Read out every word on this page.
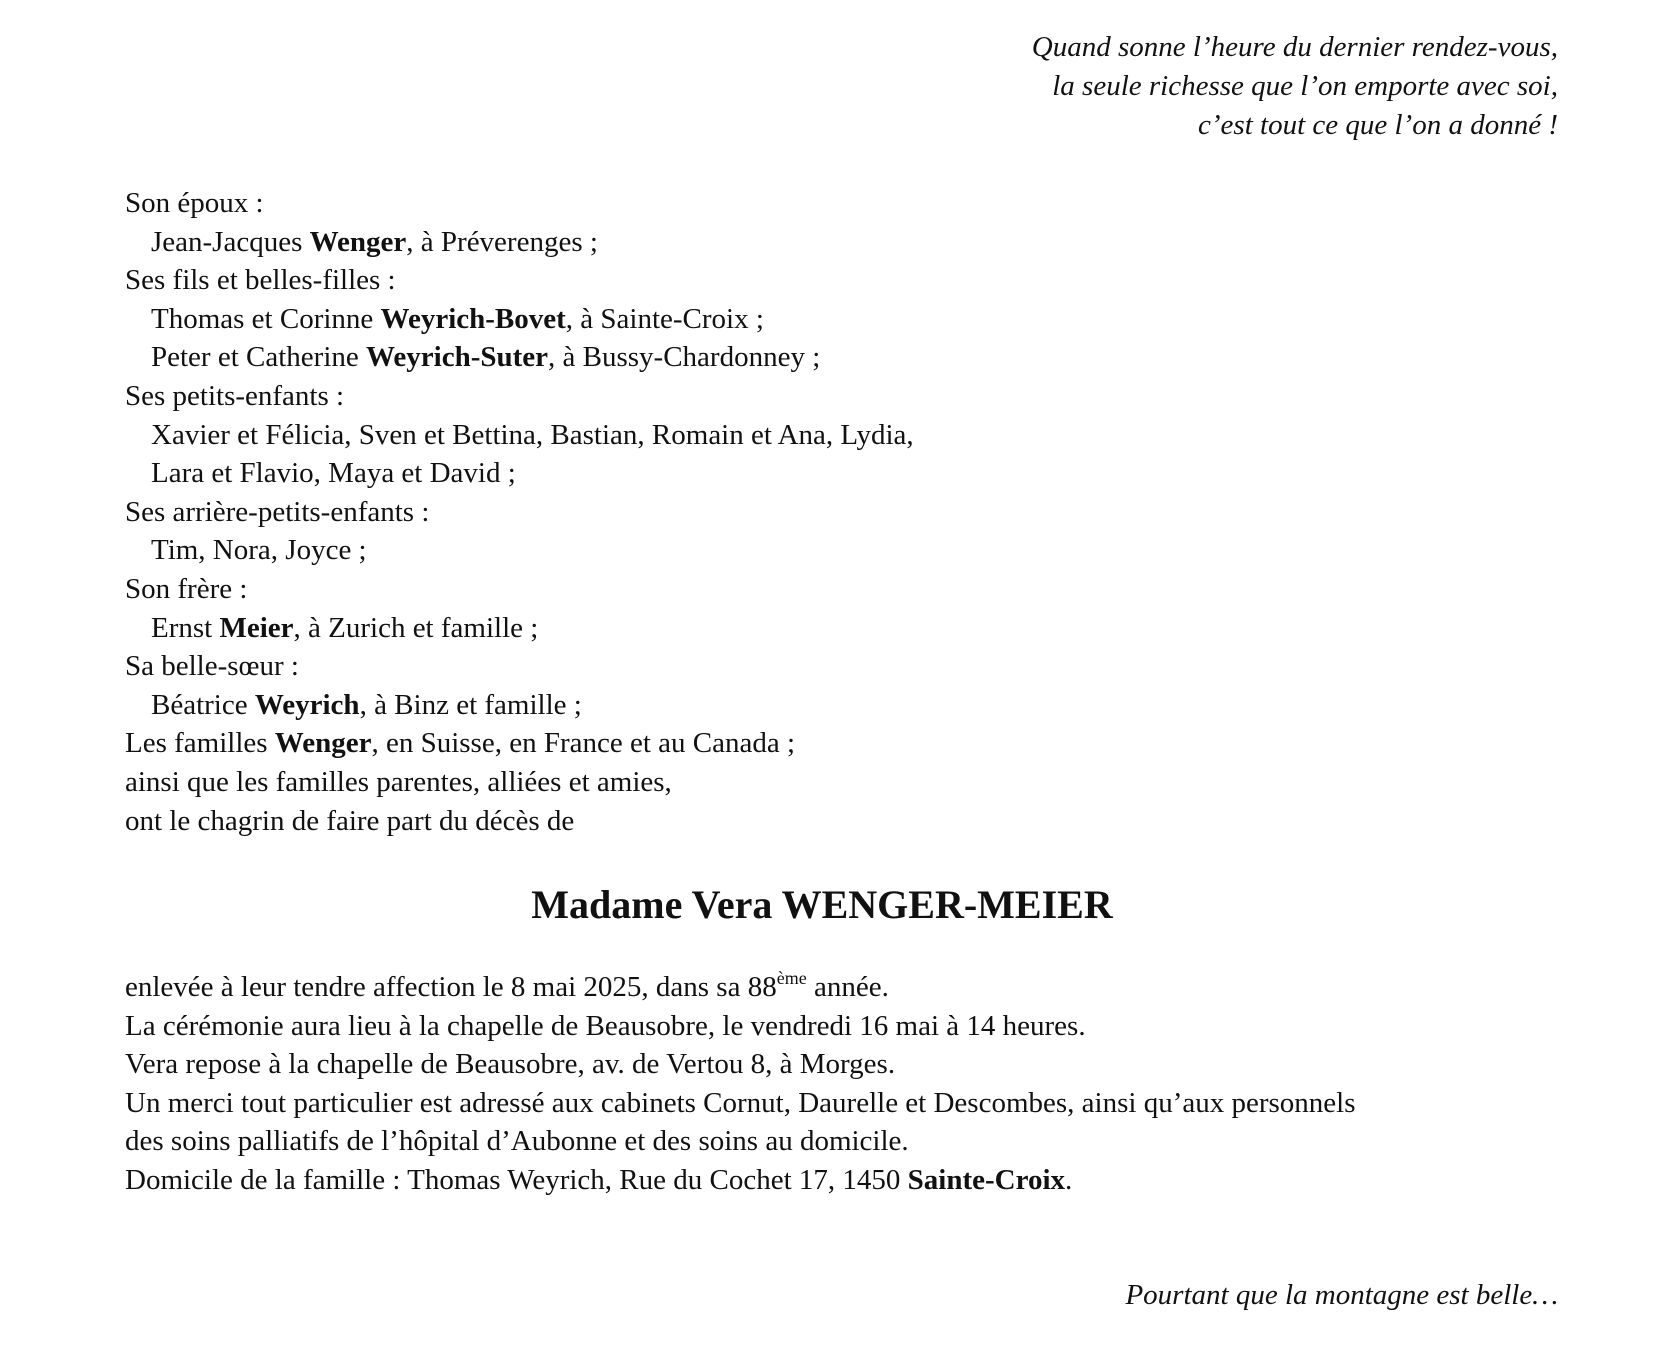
Quand sonne l’heure du dernier rendez-vous,
la seule richesse que l’on emporte avec soi,
c’est tout ce que l’on a donné !
Son époux :
Jean-Jacques Wenger, à Préverenges ;
Ses fils et belles-filles :
Thomas et Corinne Weyrich-Bovet, à Sainte-Croix ;
Peter et Catherine Weyrich-Suter, à Bussy-Chardonney ;
Ses petits-enfants :
Xavier et Félicia, Sven et Bettina, Bastian, Romain et Ana, Lydia,
Lara et Flavio, Maya et David ;
Ses arrière-petits-enfants :
Tim, Nora, Joyce ;
Son frère :
Ernst Meier, à Zurich et famille ;
Sa belle-sœur :
Béatrice Weyrich, à Binz et famille ;
Les familles Wenger, en Suisse, en France et au Canada ;
ainsi que les familles parentes, alliées et amies,
ont le chagrin de faire part du décès de
Madame Vera WENGER-MEIER
enlevée à leur tendre affection le 8 mai 2025, dans sa 88ème année.
La cérémonie aura lieu à la chapelle de Beausobre, le vendredi 16 mai à 14 heures.
Vera repose à la chapelle de Beausobre, av. de Vertou 8, à Morges.
Un merci tout particulier est adressé aux cabinets Cornut, Daurelle et Descombes, ainsi qu’aux personnels
des soins palliatifs de l’hôpital d’Aubonne et des soins au domicile.
Domicile de la famille : Thomas Weyrich, Rue du Cochet 17, 1450 Sainte-Croix.
Pourtant que la montagne est belle…
